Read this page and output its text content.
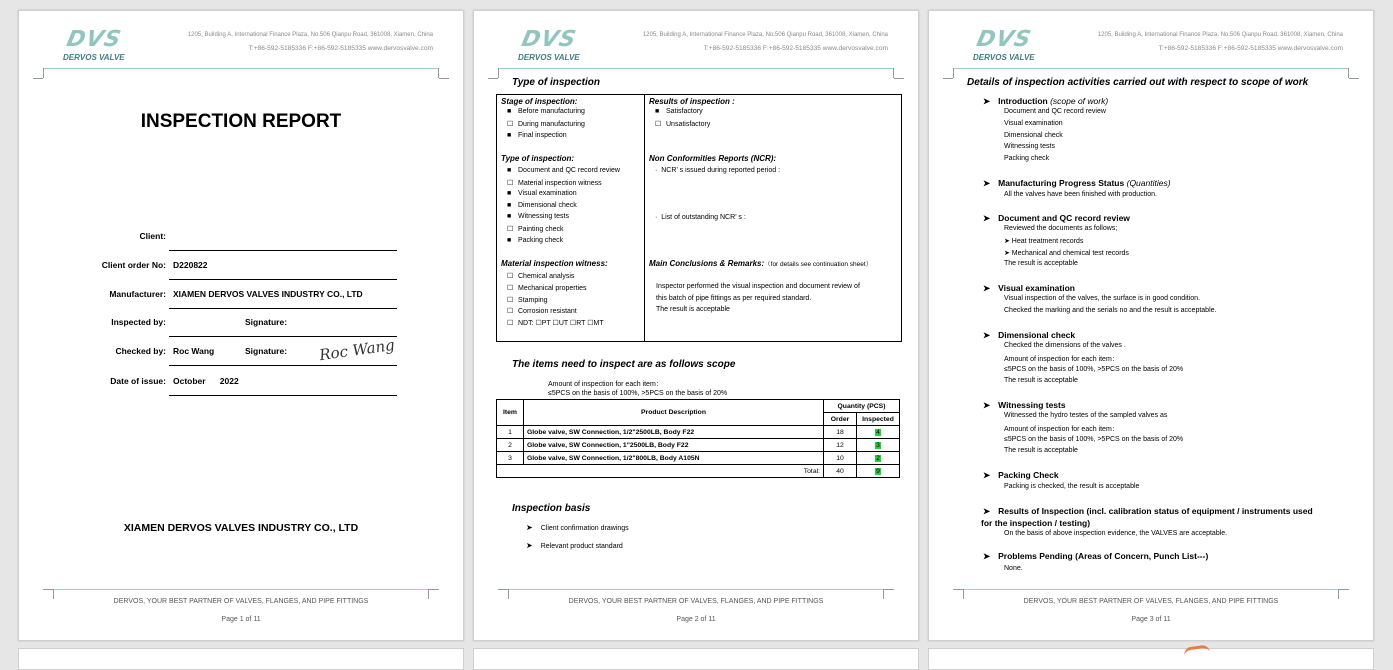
DVS
DERVOS VALVE
1205, Building A, International Finance Plaza, No.506 Qianpu Road, 361008, Xiamen, China
T:+86-592-5185336 F:+86-592-5185335 www.dervosvalve.com
INSPECTION REPORT
Client:
Client order No: D220822
Manufacturer: XIAMEN DERVOS VALVES INDUSTRY CO., LTD
Inspected by:	Signature:
Checked by: Roc Wang	Signature: Roc Wang
Date of issue: October      2022
XIAMEN DERVOS VALVES INDUSTRY CO., LTD
DERVOS, YOUR BEST PARTNER OF VALVES, FLANGES, AND PIPE FITTINGS
Page 1 of 11
DVS
DERVOS VALVE
1205, Building A, International Finance Plaza, No.506 Qianpu Road, 361008, Xiamen, China
T:+86-592-5185336 F:+86-592-5185335 www.dervosvalve.com
Type of inspection
Stage of inspection:
■ Before manufacturing
☐ During manufacturing
■ Final inspection
Type of inspection:
■ Document and QC record review
☐ Material inspection witness
■ Visual examination
■ Dimensional check
■ Witnessing tests
☐ Painting check
■ Packing check
Material inspection witness:
☐ Chemical analysis
☐ Mechanical properties
☐ Stamping
☐ Corrosion resistant
☐ NDT: ☐PT ☐UT ☐RT ☐MT
Results of inspection :
■ Satisfactory
☐ Unsatisfactory
Non Conformities Reports (NCR):
·  NCR’ s issued during reported period :
·  List of outstanding NCR’ s :
Main Conclusions & Remarks:（for details see continuation sheet）
Inspector performed the visual inspection and document review of
this batch of pipe fittings as per required standard.
The result is acceptable
The items need to inspect are as follows scope
Amount of inspection for each item：
≤5PCS on the basis of 100%, >5PCS on the basis of 20%
Item	Product Description	Quantity (PCS)	
		Order	Inspected
1	Globe valve, SW Connection, 1/2"2500LB, Body F22	18	4
2	Globe valve, SW Connection, 1"2500LB, Body F22	12	3
3	Globe valve, SW Connection, 1/2"800LB, Body A105N	10	2
Total:		40	9
Inspection basis
➤ Client confirmation drawings
➤ Relevant product standard
DERVOS, YOUR BEST PARTNER OF VALVES, FLANGES, AND PIPE FITTINGS
Page 2 of 11
DVS
DERVOS VALVE
1205, Building A, International Finance Plaza, No.506 Qianpu Road, 361008, Xiamen, China
T:+86-592-5185336 F:+86-592-5185335 www.dervosvalve.com
Details of inspection activities carried out with respect to scope of work
➤ Introduction (scope of work)
Document and QC record review
Visual examination
Dimensional check
Witnessing tests
Packing check
➤ Manufacturing Progress Status (Quantities)
All the valves have been finished with production.
➤ Document and QC record review
Reviewed the documents as follows;
➤ Heat treatment records
➤ Mechanical and chemical test records
The result is acceptable
➤ Visual examination
Visual inspection of the valves, the surface is in good condition.
Checked the marking and the serials no and the result is acceptable.
➤ Dimensional check
Checked the dimensions of the valves .
Amount of inspection for each item：
≤5PCS on the basis of 100%, >5PCS on the basis of 20%
The result is acceptable
➤ Witnessing tests
Witnessed the hydro testes of the sampled valves as
Amount of inspection for each item：
≤5PCS on the basis of 100%, >5PCS on the basis of 20%
The result is acceptable
➤ Packing Check
Packing is checked, the result is acceptable
➤ Results of Inspection (incl. calibration status of equipment / instruments used
for the inspection / testing)
On the basis of above inspection evidence, the VALVES are acceptable.
➤ Problems Pending (Areas of Concern, Punch List---)
None.
DERVOS, YOUR BEST PARTNER OF VALVES, FLANGES, AND PIPE FITTINGS
Page 3 of 11
